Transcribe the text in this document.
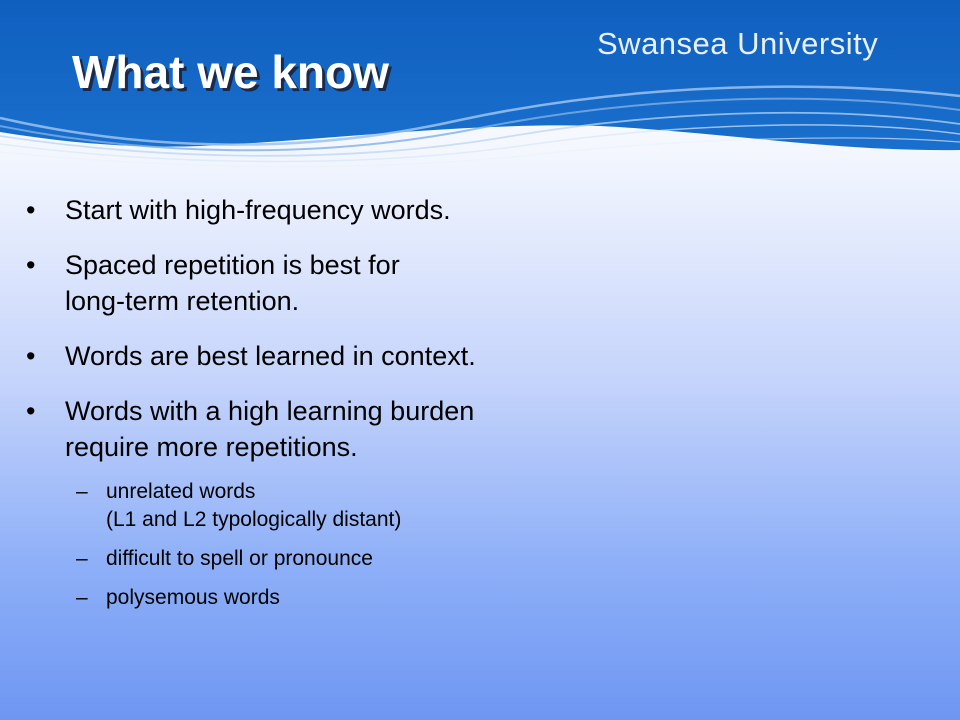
What we know
Swansea University
•	Start with high-frequency words.
•	Spaced repetition is best for
long-term retention.
•	Words are best learned in context.
•	Words with a high learning burden
require more repetitions.
– unrelated words
(L1 and L2 typologically distant)
– difficult to spell or pronounce
– polysemous words
